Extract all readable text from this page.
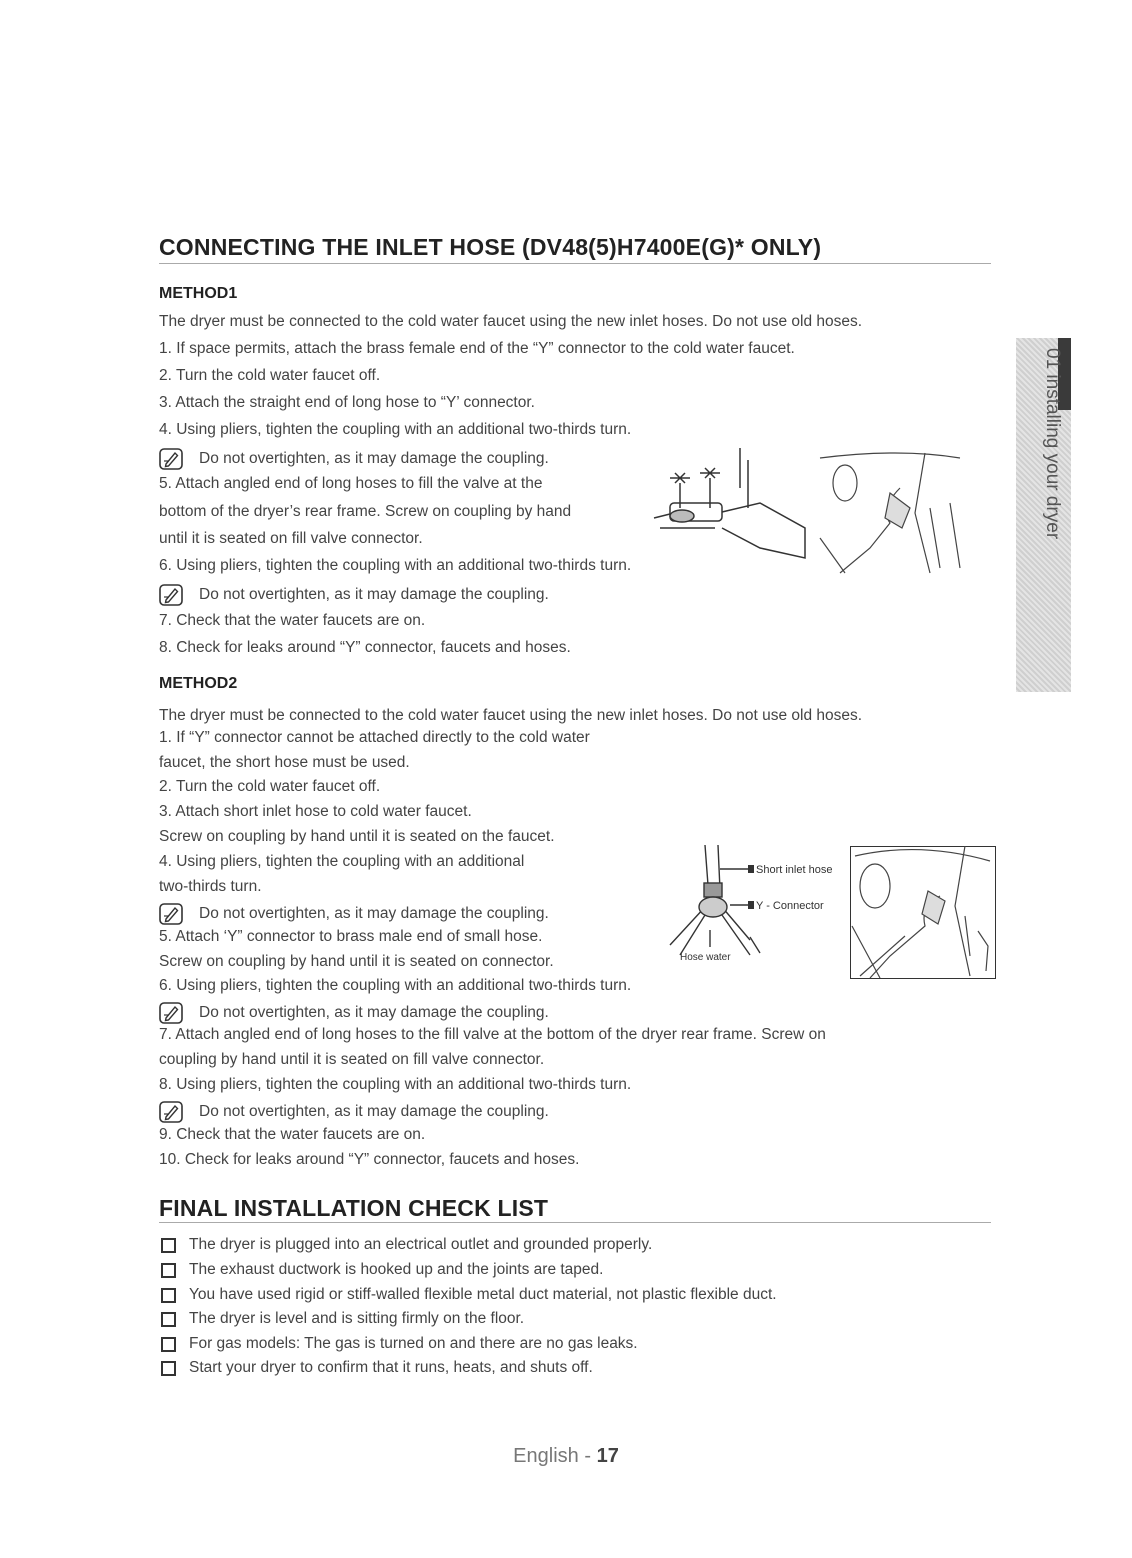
CONNECTING THE INLET HOSE (DV48(5)H7400E(G)* ONLY)
METHOD1
The dryer must be connected to the cold water faucet using the new inlet hoses. Do not use old hoses.
1. If space permits, attach the brass female end of the “Y” connector to the cold water faucet.
2. Turn the cold water faucet off.
3. Attach the straight end of long hose to “Y’ connector.
4. Using pliers, tighten the coupling with an additional two-thirds turn.
Do not overtighten, as it may damage the coupling.
5. Attach angled end of long hoses to fill the valve at the
bottom of the dryer’s rear frame. Screw on coupling by hand
until it is seated on fill valve connector.
6. Using pliers, tighten the coupling with an additional two-thirds turn.
Do not overtighten, as it may damage the coupling.
7. Check that the water faucets are on.
8. Check for leaks around “Y” connector, faucets and hoses.
METHOD2
The dryer must be connected to the cold water faucet using the new inlet hoses. Do not use old hoses.
1. If “Y” connector cannot be attached directly to the cold water
faucet, the short hose must be used.
2. Turn the cold water faucet off.
3. Attach short inlet hose to cold water faucet.
Screw on coupling by hand until it is seated on the faucet.
4. Using pliers, tighten the coupling with an additional
two-thirds turn.
Do not overtighten, as it may damage the coupling.
5. Attach ‘Y” connector to brass male end of small hose.
Screw on coupling by hand until it is seated on connector.
6. Using pliers, tighten the coupling with an additional two-thirds turn.
Do not overtighten, as it may damage the coupling.
7. Attach angled end of long hoses to the fill valve at the bottom of the dryer rear frame. Screw on
coupling by hand until it is seated on fill valve connector.
8. Using pliers, tighten the coupling with an additional two-thirds turn.
Do not overtighten, as it may damage the coupling.
9. Check that the water faucets are on.
10. Check for leaks around “Y” connector, faucets and hoses.
Short inlet hose
Y - Connector
Hose water
01 installing your dryer
FINAL INSTALLATION CHECK LIST
The dryer is plugged into an electrical outlet and grounded properly.
The exhaust ductwork is hooked up and the joints are taped.
You have used rigid or stiff-walled flexible metal duct material, not plastic flexible duct.
The dryer is level and is sitting firmly on the floor.
For gas models: The gas is turned on and there are no gas leaks.
Start your dryer to confirm that it runs, heats, and shuts off.
English - 17
